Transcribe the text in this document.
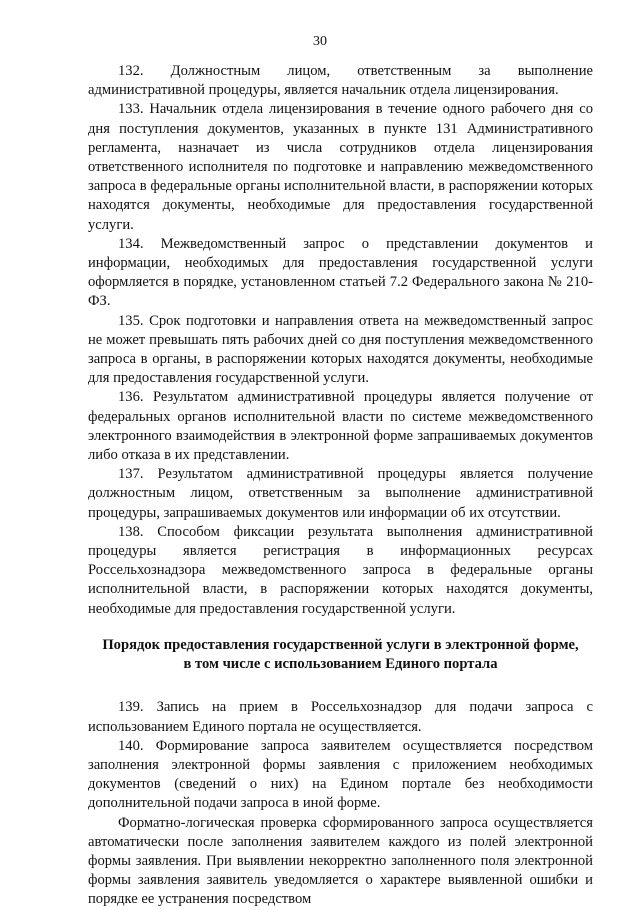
30

132. Должностным лицом, ответственным за выполнение административной процедуры, является начальник отдела лицензирования.

133. Начальник отдела лицензирования в течение одного рабочего дня со дня поступления документов, указанных в пункте 131 Административного регламента, назначает из числа сотрудников отдела лицензирования ответственного исполнителя по подготовке и направлению межведомственного запроса в федеральные органы исполнительной власти, в распоряжении которых находятся документы, необходимые для предоставления государственной услуги.

134. Межведомственный запрос о представлении документов и информации, необходимых для предоставления государственной услуги оформляется в порядке, установленном статьей 7.2 Федерального закона № 210-ФЗ.

135. Срок подготовки и направления ответа на межведомственный запрос не может превышать пять рабочих дней со дня поступления межведомственного запроса в органы, в распоряжении которых находятся документы, необходимые для предоставления государственной услуги.

136. Результатом административной процедуры является получение от федеральных органов исполнительной власти по системе межведомственного электронного взаимодействия в электронной форме запрашиваемых документов либо отказа в их представлении.

137. Результатом административной процедуры является получение должностным лицом, ответственным за выполнение административной процедуры, запрашиваемых документов или информации об их отсутствии.

138. Способом фиксации результата выполнения административной процедуры является регистрация в информационных ресурсах Россельхознадзора межведомственного запроса в федеральные органы исполнительной власти, в распоряжении которых находятся документы, необходимые для предоставления государственной услуги.

Порядок предоставления государственной услуги в электронной форме,
в том числе с использованием Единого портала

139. Запись на прием в Россельхознадзор для подачи запроса с использованием Единого портала не осуществляется.

140. Формирование запроса заявителем осуществляется посредством заполнения электронной формы заявления с приложением необходимых документов (сведений о них) на Едином портале без необходимости дополнительной подачи запроса в иной форме.

Форматно-логическая проверка сформированного запроса осуществляется автоматически после заполнения заявителем каждого из полей электронной формы заявления. При выявлении некорректно заполненного поля электронной формы заявления заявитель уведомляется о характере выявленной ошибки и порядке ее устранения посредством
